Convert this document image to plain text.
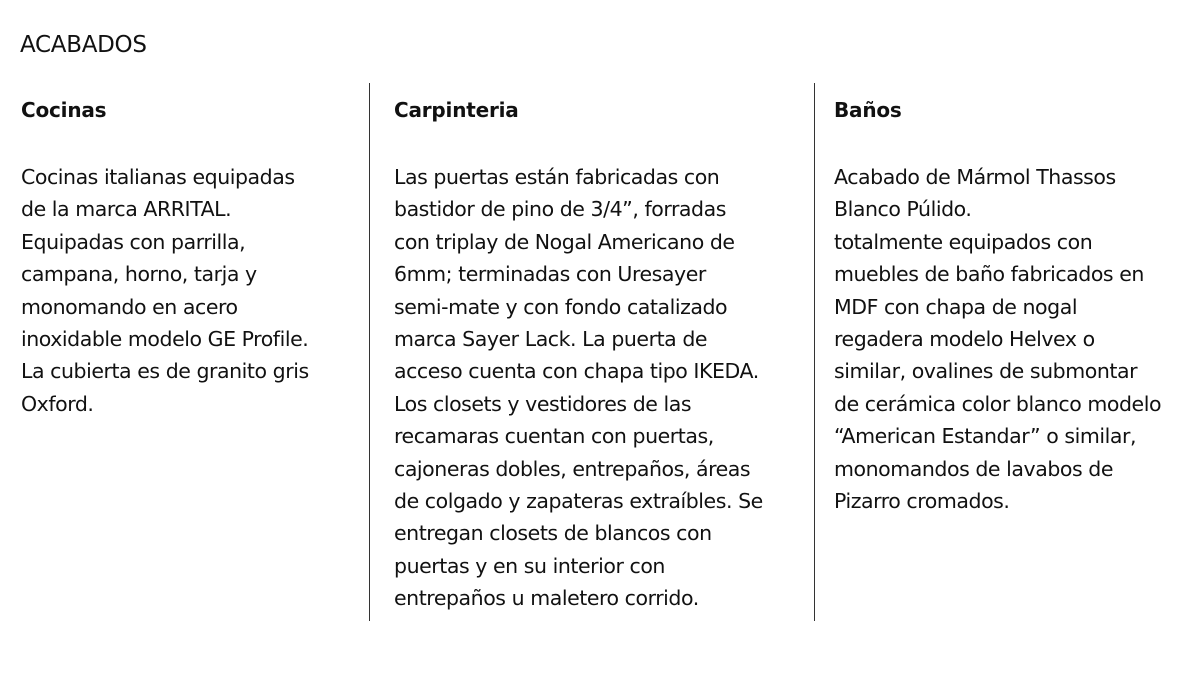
ACABADOS
Cocinas

Cocinas italianas equipadas
de la marca ARRITAL.
Equipadas con parrilla,
campana, horno, tarja y
monomando en acero
inoxidable modelo GE Profile.
La cubierta es de granito gris
Oxford.

Carpinteria

Las puertas están fabricadas con
bastidor de pino de 3/4”, forradas
con triplay de Nogal Americano de
6mm; terminadas con Uresayer
semi-mate y con fondo catalizado
marca Sayer Lack. La puerta de
acceso cuenta con chapa tipo IKEDA.
Los closets y vestidores de las
recamaras cuentan con puertas,
cajoneras dobles, entrepaños, áreas
de colgado y zapateras extraíbles. Se
entregan closets de blancos con
puertas y en su interior con
entrepaños u maletero corrido.

Baños

Acabado de Mármol Thassos
Blanco Púlido.
totalmente equipados con
muebles de baño fabricados en
MDF con chapa de nogal
regadera modelo Helvex o
similar, ovalines de submontar
de cerámica color blanco modelo
“American Estandar” o similar,
monomandos de lavabos de
Pizarro cromados.
